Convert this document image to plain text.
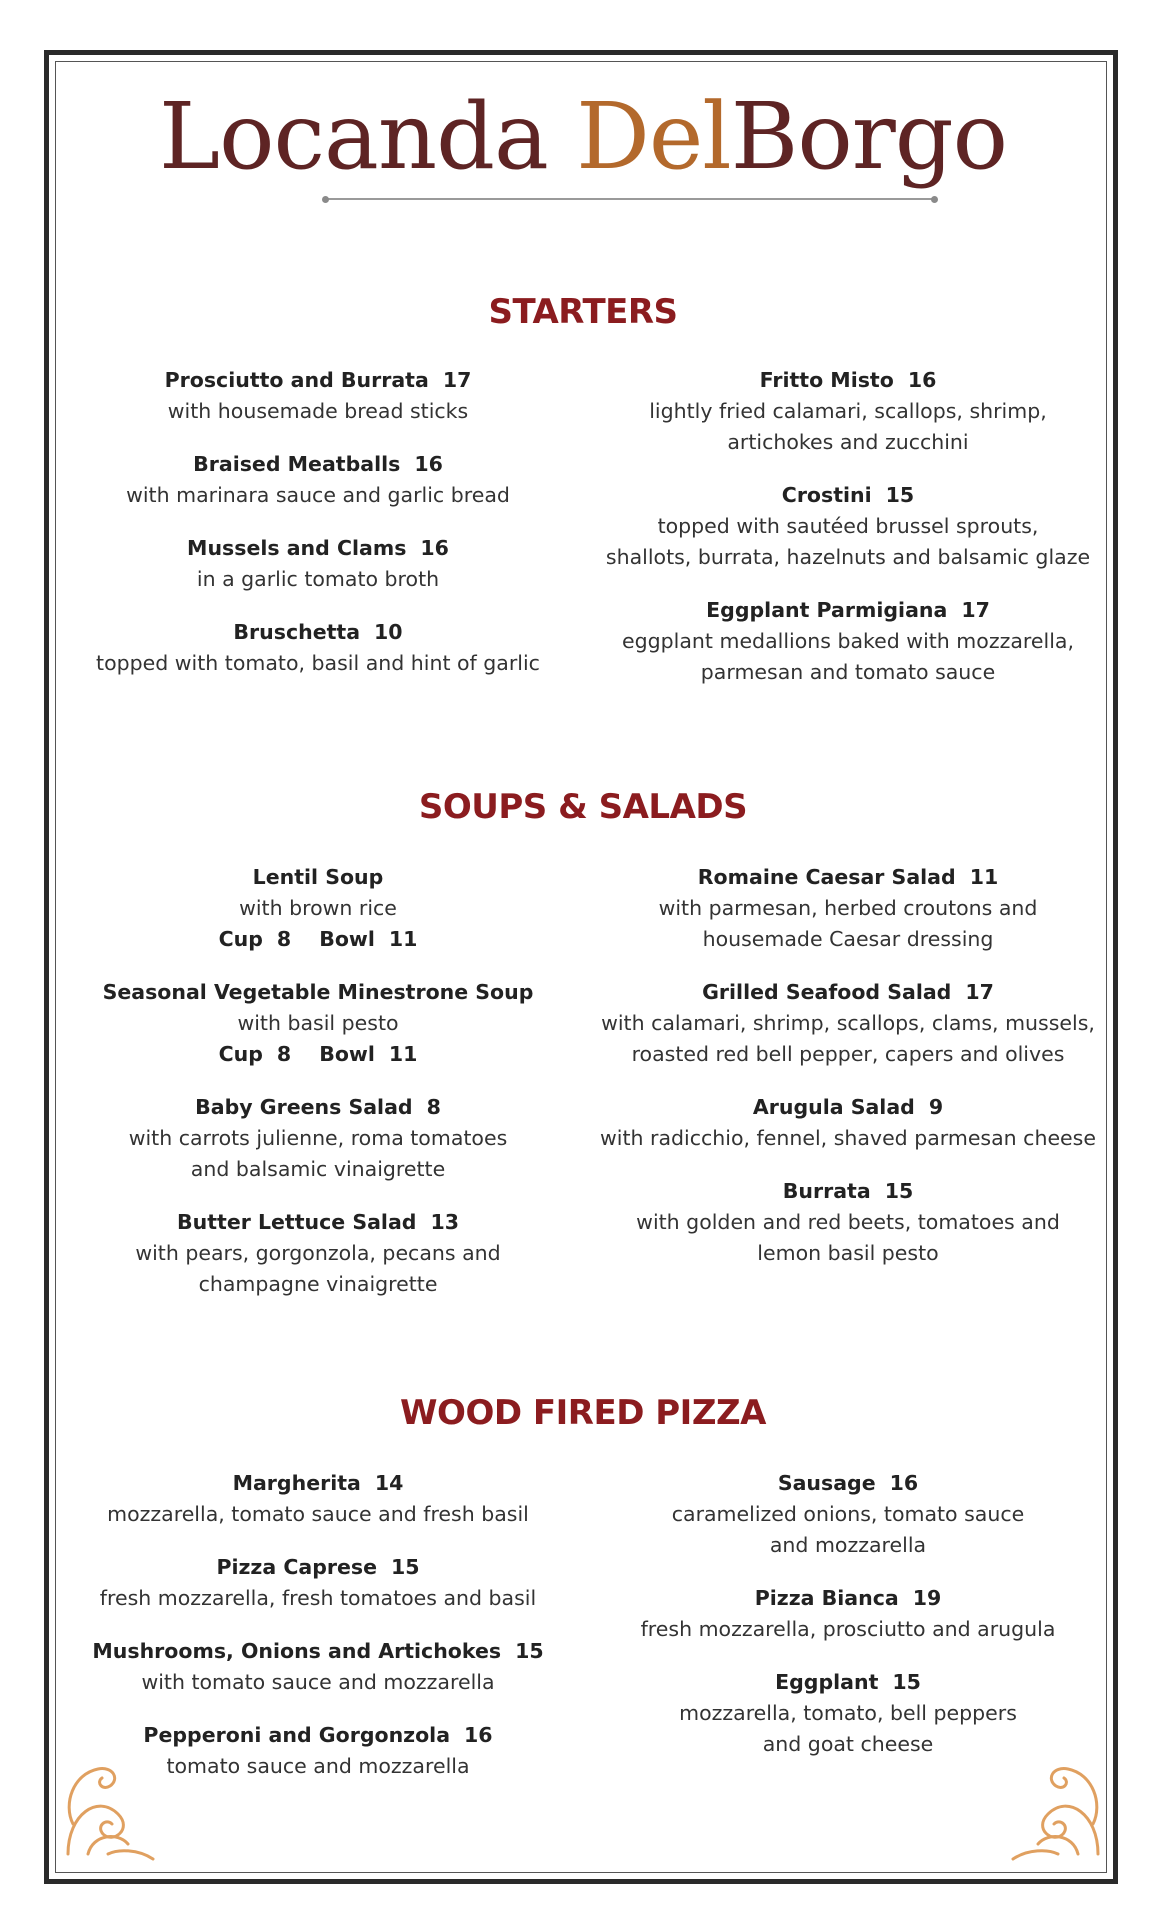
Locanda DelBorgo
STARTERS
Prosciutto and Burrata 17
with housemade bread sticks
Braised Meatballs 16
with marinara sauce and garlic bread
Mussels and Clams 16
in a garlic tomato broth
Bruschetta 10
topped with tomato, basil and hint of garlic
Fritto Misto 16
lightly fried calamari, scallops, shrimp,
artichokes and zucchini
Crostini 15
topped with sautéed brussel sprouts,
shallots, burrata, hazelnuts and balsamic glaze
Eggplant Parmigiana 17
eggplant medallions baked with mozzarella,
parmesan and tomato sauce
SOUPS & SALADS
Lentil Soup
with brown rice
Cup 8 Bowl 11
Seasonal Vegetable Minestrone Soup
with basil pesto
Cup 8 Bowl 11
Baby Greens Salad 8
with carrots julienne, roma tomatoes
and balsamic vinaigrette
Butter Lettuce Salad 13
with pears, gorgonzola, pecans and
champagne vinaigrette
Romaine Caesar Salad 11
with parmesan, herbed croutons and
housemade Caesar dressing
Grilled Seafood Salad 17
with calamari, shrimp, scallops, clams, mussels,
roasted red bell pepper, capers and olives
Arugula Salad 9
with radicchio, fennel, shaved parmesan cheese
Burrata 15
with golden and red beets, tomatoes and
lemon basil pesto
WOOD FIRED PIZZA
Margherita 14
mozzarella, tomato sauce and fresh basil
Pizza Caprese 15
fresh mozzarella, fresh tomatoes and basil
Mushrooms, Onions and Artichokes 15
with tomato sauce and mozzarella
Pepperoni and Gorgonzola 16
tomato sauce and mozzarella
Sausage 16
caramelized onions, tomato sauce
and mozzarella
Pizza Bianca 19
fresh mozzarella, prosciutto and arugula
Eggplant 15
mozzarella, tomato, bell peppers
and goat cheese
